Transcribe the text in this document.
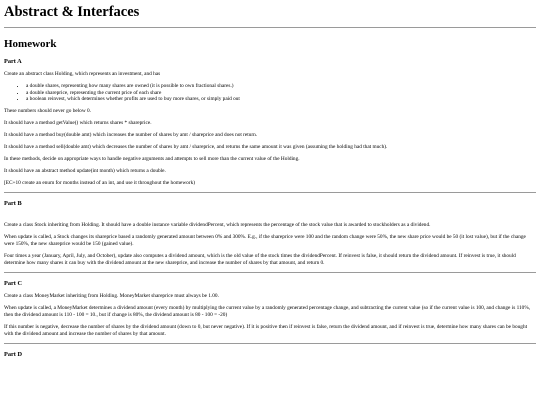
Abstract & Interfaces
Homework
Part A

Create an abstract class Holding, which represents an investment, and has

• a double shares, representing how many shares are owned (it is possible to own fractional shares.)
• a double shareprice, representing the current price of each share
• a boolean reinvest, which determines whether profits are used to buy more shares, or simply paid out

These numbers should never go below 0.

It should have a method getValue() which returns shares * shareprice.

It should have a method buy(double amt) which increases the number of shares by amt / shareprice and does not return.

It should have a method sell(double amt) which decreases the number of shares by amt / shareprice, and returns the same amount it was given (assuming the holding had that much).

In these methods, decide on appropriate ways to handle negative arguments and attempts to sell more than the current value of the Holding.

It should have an abstract method update(int month) which returns a double.

[EC+10 create an enum for months instead of an int, and use it throughout the homework)

Part B

Create a class Stock inheriting from Holding. It should have a double instance variable dividendPercent, which represents the percentage of the stock value that is awarded to stockholders as a dividend.

When update is called, a Stock changes its shareprice based a randomly generated amount between 0% and 300%. E.g., if the shareprice were 100 and the random change were 50%, the new share price would be 50 (it lost value), but if the change were 150%, the new shareprice would be 150 (gained value).

Four times a year (January, April, July, and October), update also computes a dividend amount, which is the old value of the stock times the dividendPercent. If reinvest is false, it should return the dividend amount. If reinvest is true, it should determine how many shares it can buy with the dividend amount at the new shareprice, and increase the number of shares by that amount, and return 0.

Part C

Create a class MoneyMarket inheriting from Holding. MoneyMarket shareprice must always be 1.00.

When update is called, a MoneyMarket determines a dividend amount (every month) by multiplying the current value by a randomly generated percentage change, and subtracting the current value (so if the current value is 100, and change is 110%, then the dividend amount is 110 - 100 = 10., but if change is 80%, the dividend amount is 80 - 100 = -20)

If this number is negative, decrease the number of shares by the dividend amount (down to 0, but never negative). If it is positive then if reinvest is false, return the dividend amount, and if reinvest is true, determine how many shares can be bought with the dividend amount and increase the number of shares by that amount.

Part D
